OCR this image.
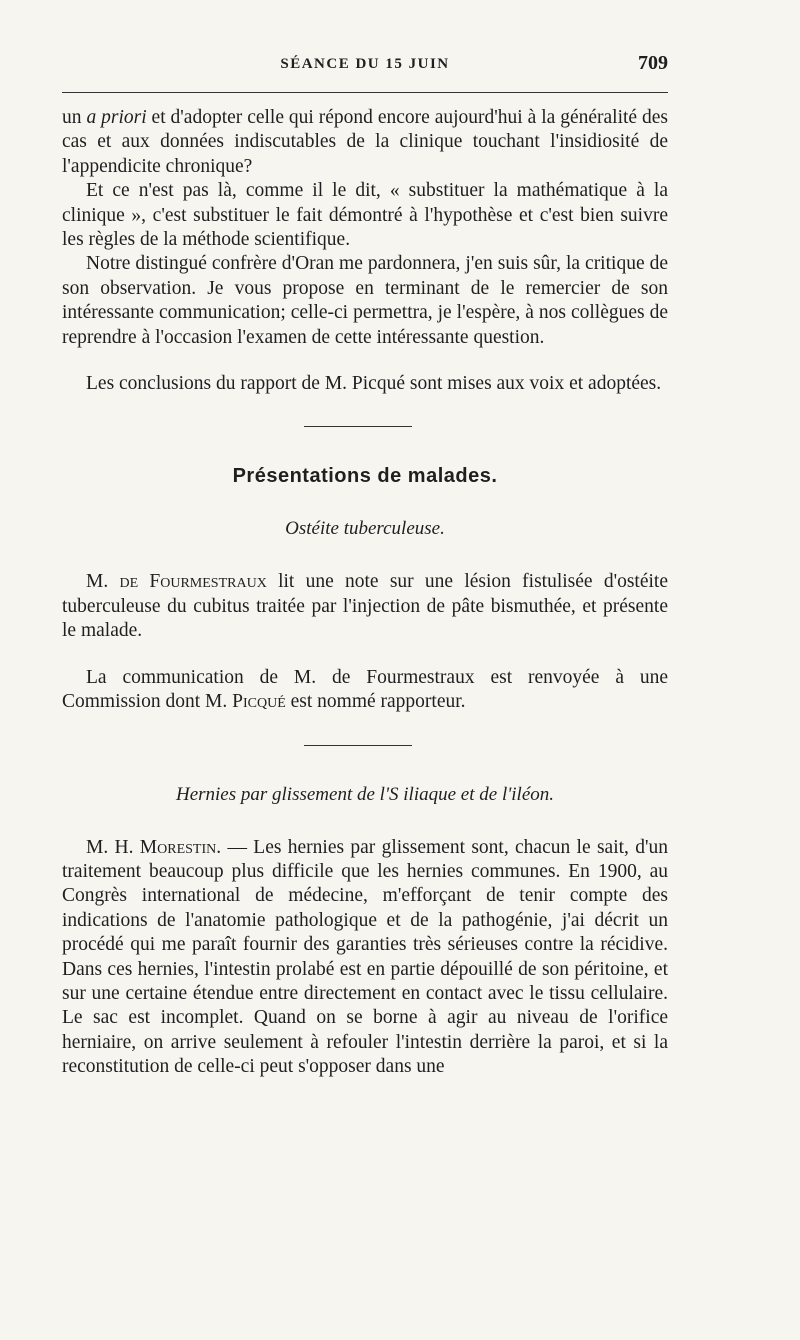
SÉANCE DU 15 JUIN	709

un a priori et d'adopter celle qui répond encore aujourd'hui à la généralité des cas et aux données indiscutables de la clinique touchant l'insidiosité de l'appendicite chronique?

Et ce n'est pas là, comme il le dit, « substituer la mathématique à la clinique », c'est substituer le fait démontré à l'hypothèse et c'est bien suivre les règles de la méthode scientifique.

Notre distingué confrère d'Oran me pardonnera, j'en suis sûr, la critique de son observation. Je vous propose en terminant de le remercier de son intéressante communication; celle-ci permettra, je l'espère, à nos collègues de reprendre à l'occasion l'examen de cette intéressante question.

Les conclusions du rapport de M. Picqué sont mises aux voix et adoptées.

Présentations de malades.
Ostéite tuberculeuse.

M. de Fourmestraux lit une note sur une lésion fistulisée d'ostéite tuberculeuse du cubitus traitée par l'injection de pâte bismuthée, et présente le malade.

La communication de M. de Fourmestraux est renvoyée à une Commission dont M. Picqué est nommé rapporteur.

Hernies par glissement de l'S iliaque et de l'iléon.

M. H. Morestin. — Les hernies par glissement sont, chacun le sait, d'un traitement beaucoup plus difficile que les hernies communes. En 1900, au Congrès international de médecine, m'efforçant de tenir compte des indications de l'anatomie pathologique et de la pathogénie, j'ai décrit un procédé qui me paraît fournir des garanties très sérieuses contre la récidive. Dans ces hernies, l'intestin prolabé est en partie dépouillé de son péritoine, et sur une certaine étendue entre directement en contact avec le tissu cellulaire. Le sac est incomplet. Quand on se borne à agir au niveau de l'orifice herniaire, on arrive seulement à refouler l'intestin derrière la paroi, et si la reconstitution de celle-ci peut s'opposer dans une
